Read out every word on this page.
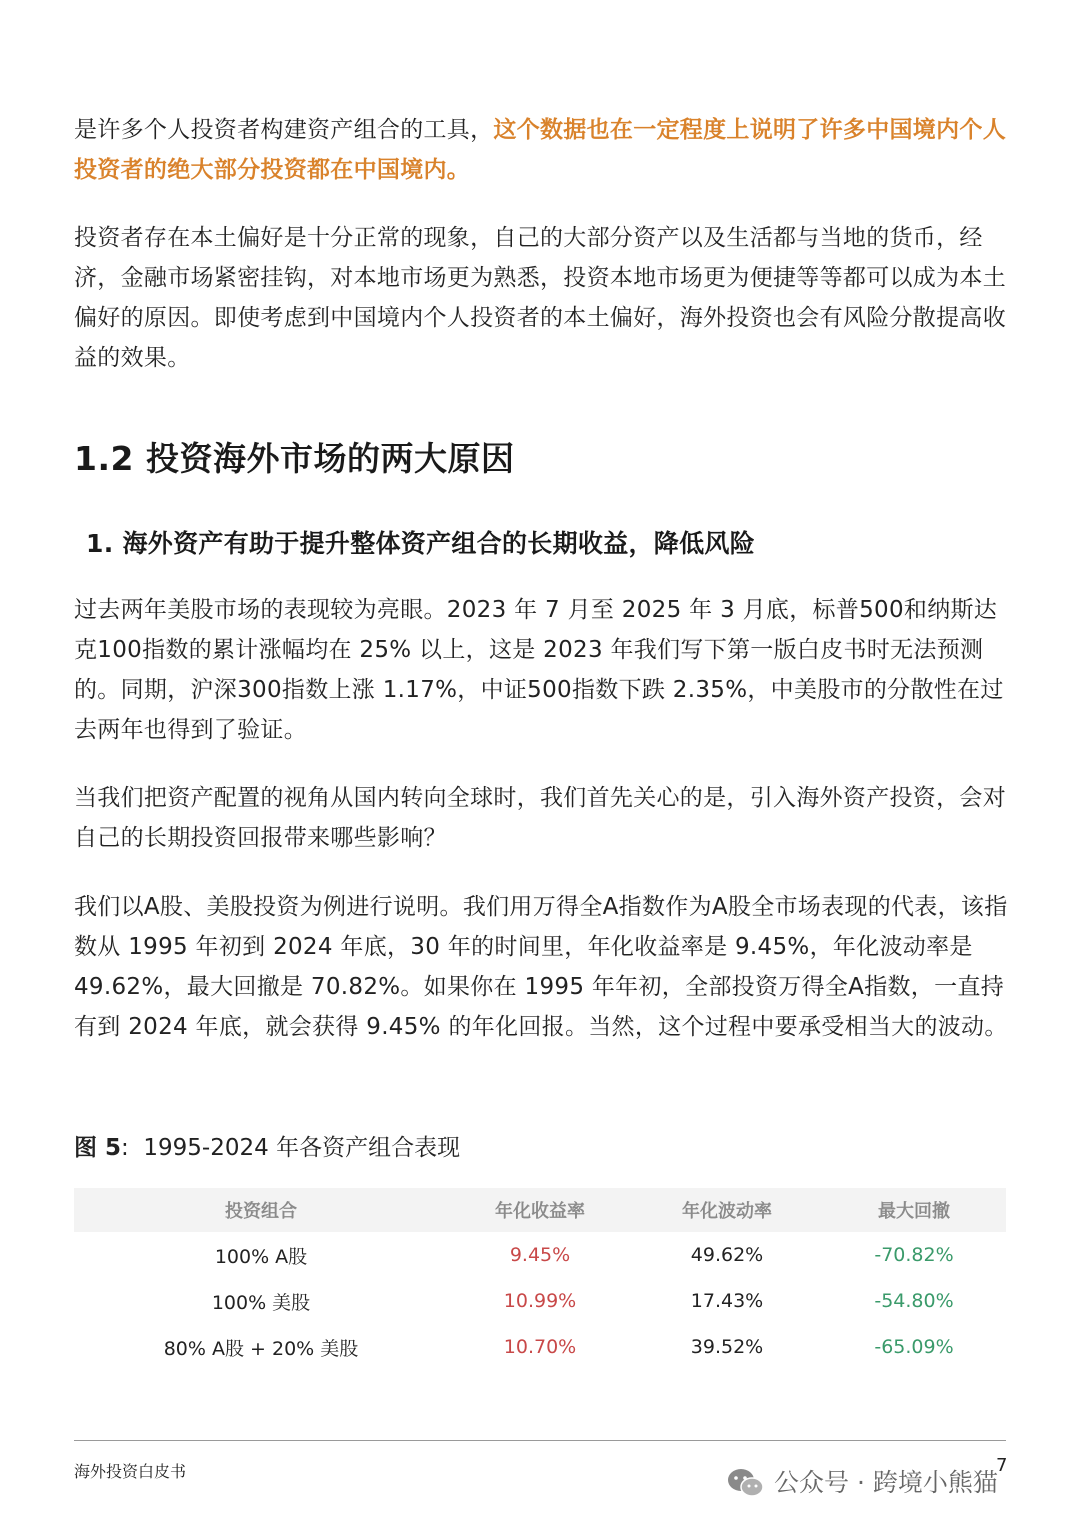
是许多个人投资者构建资产组合的工具，这个数据也在一定程度上说明了许多中国境内个人投资者的绝大部分投资都在中国境内。

投资者存在本土偏好是十分正常的现象，自己的大部分资产以及生活都与当地的货币，经济，金融市场紧密挂钩，对本地市场更为熟悉，投资本地市场更为便捷等等都可以成为本土偏好的原因。即使考虑到中国境内个人投资者的本土偏好，海外投资也会有风险分散提高收益的效果。

1.2 投资海外市场的两大原因
1. 海外资产有助于提升整体资产组合的长期收益，降低风险

过去两年美股市场的表现较为亮眼。2023 年 7 月至 2025 年 3 月底，标普500和纳斯达克100指数的累计涨幅均在 25% 以上，这是 2023 年我们写下第一版白皮书时无法预测的。同期，沪深300指数上涨 1.17%，中证500指数下跌 2.35%，中美股市的分散性在过去两年也得到了验证。

当我们把资产配置的视角从国内转向全球时，我们首先关心的是，引入海外资产投资，会对自己的长期投资回报带来哪些影响？

我们以A股、美股投资为例进行说明。我们用万得全A指数作为A股全市场表现的代表，该指数从 1995 年初到 2024 年底，30 年的时间里，年化收益率是 9.45%，年化波动率是 49.62%，最大回撤是 70.82%。如果你在 1995 年年初，全部投资万得全A指数，一直持有到 2024 年底，就会获得 9.45% 的年化回报。当然，这个过程中要承受相当大的波动。

图 5: 1995-2024 年各资产组合表现
投资组合	年化收益率	年化波动率	最大回撤
100% A股	9.45%	49.62%	-70.82%
100% 美股	10.99%	17.43%	-54.80%
80% A股 + 20% 美股	10.70%	39.52%	-65.09%
海外投资白皮书	7
公众号 · 跨境小熊猫
